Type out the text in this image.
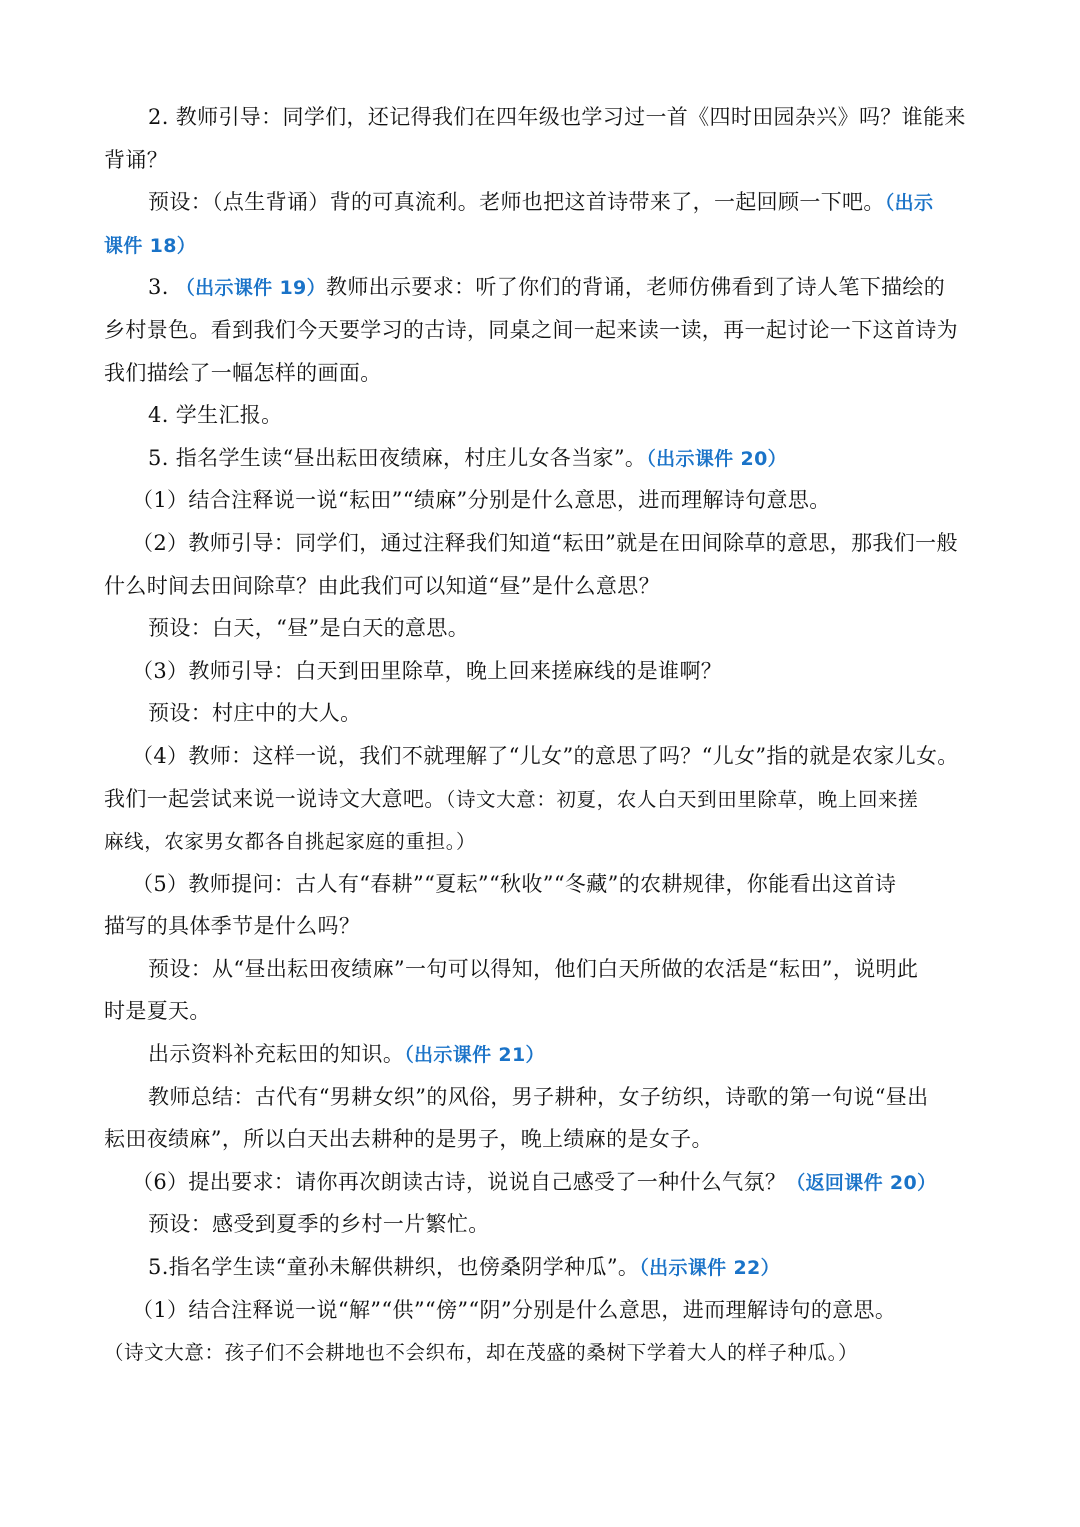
2. 教师引导：同学们，还记得我们在四年级也学习过一首《四时田园杂兴》吗？谁能来
背诵？
预设：（点生背诵）背的可真流利。老师也把这首诗带来了，一起回顾一下吧。（出示
课件 18）
3. （出示课件 19）教师出示要求：听了你们的背诵，老师仿佛看到了诗人笔下描绘的
乡村景色。看到我们今天要学习的古诗，同桌之间一起来读一读，再一起讨论一下这首诗为
我们描绘了一幅怎样的画面。
4. 学生汇报。
5. 指名学生读“昼出耘田夜绩麻，村庄儿女各当家”。（出示课件 20）
（1）结合注释说一说“耘田”“绩麻”分别是什么意思，进而理解诗句意思。
（2）教师引导：同学们，通过注释我们知道“耘田”就是在田间除草的意思，那我们一般
什么时间去田间除草？由此我们可以知道“昼”是什么意思？
预设：白天，“昼”是白天的意思。
（3）教师引导：白天到田里除草，晚上回来搓麻线的是谁啊？
预设：村庄中的大人。
（4）教师：这样一说，我们不就理解了“儿女”的意思了吗？“儿女”指的就是农家儿女。
我们一起尝试来说一说诗文大意吧。（诗文大意：初夏，农人白天到田里除草，晚上回来搓
麻线，农家男女都各自挑起家庭的重担。）
（5）教师提问：古人有“春耕”“夏耘”“秋收”“冬藏”的农耕规律，你能看出这首诗
描写的具体季节是什么吗？
预设：从“昼出耘田夜绩麻”一句可以得知，他们白天所做的农活是“耘田”，说明此
时是夏天。
出示资料补充耘田的知识。（出示课件 21）
教师总结：古代有“男耕女织”的风俗，男子耕种，女子纺织，诗歌的第一句说“昼出
耘田夜绩麻”，所以白天出去耕种的是男子，晚上绩麻的是女子。
（6）提出要求：请你再次朗读古诗，说说自己感受了一种什么气氛？（返回课件 20）
预设：感受到夏季的乡村一片繁忙。
5.指名学生读“童孙未解供耕织，也傍桑阴学种瓜”。（出示课件 22）
（1）结合注释说一说“解”“供”“傍”“阴”分别是什么意思，进而理解诗句的意思。
（诗文大意：孩子们不会耕地也不会织布，却在茂盛的桑树下学着大人的样子种瓜。）
